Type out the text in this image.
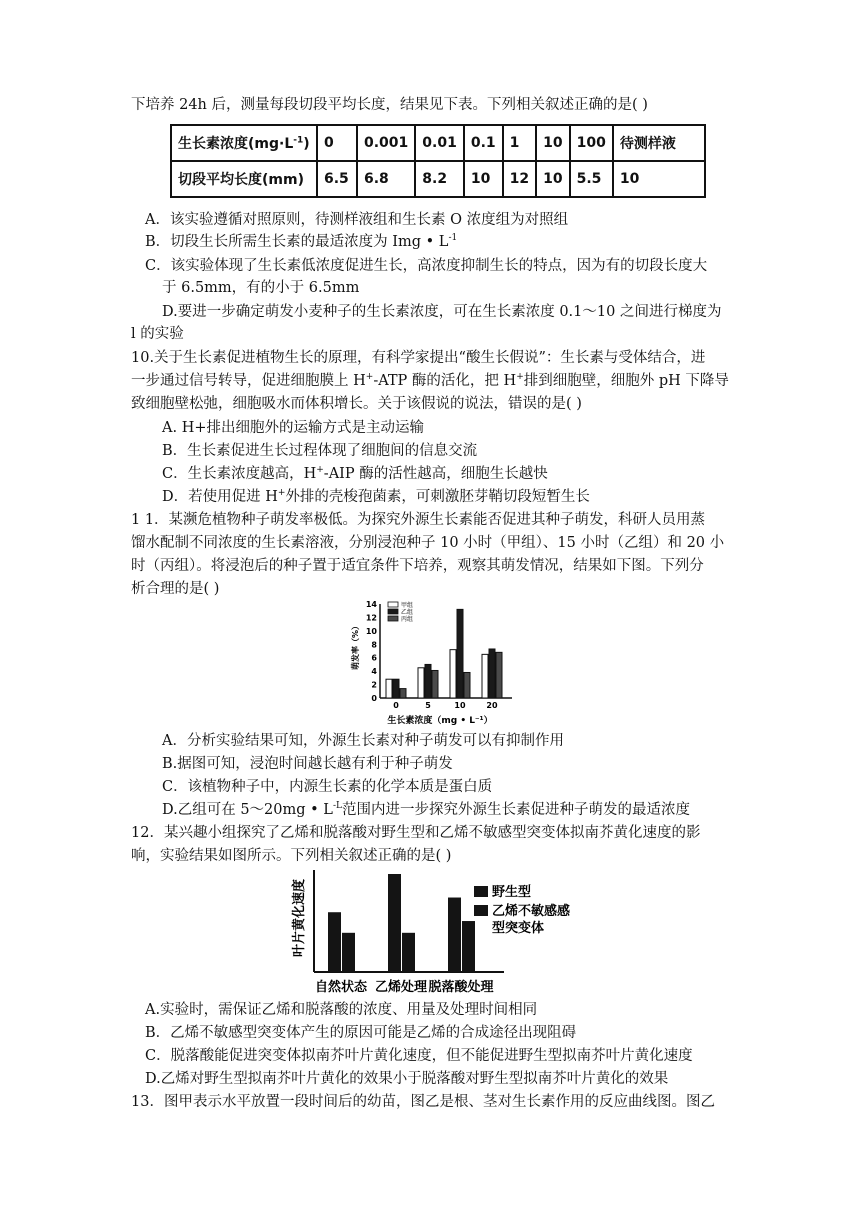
下培养 24h 后，测量每段切段平均长度，结果见下表。下列相关叙述正确的是( )
生长素浓度$(mg\cdot L^{-1})$	0	0.001	0.01	0.1	1	10	100	待测样液
切段平均长度(mm)	6.5	6.8	8.2	10	12	10	5.5	10
A．该实验遵循对照原则，待测样液组和生长素 O 浓度组为对照组
B．切段生长所需生长素的最适浓度为 Img • $L^{-1}$
C．该实验体现了生长素低浓度促进生长，高浓度抑制生长的特点，因为有的切段长度大
于 6.5mm，有的小于 6.5mm
D.要进一步确定萌发小麦种子的生长素浓度，可在生长素浓度 0.1～10 之间进行梯度为
l 的实验
10.关于生长素促进植物生长的原理，有科学家提出“酸生长假说”：生长素与受体结合，进
一步通过信号转导，促进细胞膜上 H+-ATP 酶的活化，把 H+排到细胞壁，细胞外 pH 下降导
致细胞壁松弛，细胞吸水而体积增长。关于该假说的说法，错误的是( )
A. H+排出细胞外的运输方式是主动运输
B．生长素促进生长过程体现了细胞间的信息交流
C．生长素浓度越高，H+-AIP 酶的活性越高，细胞生长越快
D．若使用促进 H+外排的壳梭孢菌素，可刺激胚芽鞘切段短暂生长
1 1．某濒危植物种子萌发率极低。为探究外源生长素能否促进其种子萌发，科研人员用蒸
馏水配制不同浓度的生长素溶液，分别浸泡种子 10 小时（甲组）、15 小时（乙组）和 20 小
时（丙组）。将浸泡后的种子置于适宜条件下培养，观察其萌发情况，结果如下图。下列分
析合理的是( )
0
2
4
6
8
10
12
14
0	5	10	20
甲组
乙组
丙组
萌发率（%）
生长素浓度（mg • L⁻¹）
A．分析实验结果可知，外源生长素对种子萌发可以有抑制作用
B.据图可知，浸泡时间越长越有利于种子萌发
C．该植物种子中，内源生长素的化学本质是蛋白质
D.乙组可在 5～20mg • $L^{-L}$范围内进一步探究外源生长素促进种子萌发的最适浓度
12．某兴趣小组探究了乙烯和脱落酸对野生型和乙烯不敏感型突变体拟南芥黄化速度的影
响，实验结果如图所示。下列相关叙述正确的是( )
自然状态 乙烯处理 脱落酸处理
叶片黄化速度	野生型
乙烯不敏感感
型突变体
A.实验时，需保证乙烯和脱落酸的浓度、用量及处理时间相同
B．乙烯不敏感型突变体产生的原因可能是乙烯的合成途径出现阻碍
C．脱落酸能促进突变体拟南芥叶片黄化速度，但不能促进野生型拟南芥叶片黄化速度
D.乙烯对野生型拟南芥叶片黄化的效果小于脱落酸对野生型拟南芥叶片黄化的效果
13．图甲表示水平放置一段时间后的幼苗，图乙是根、茎对生长素作用的反应曲线图。图乙
